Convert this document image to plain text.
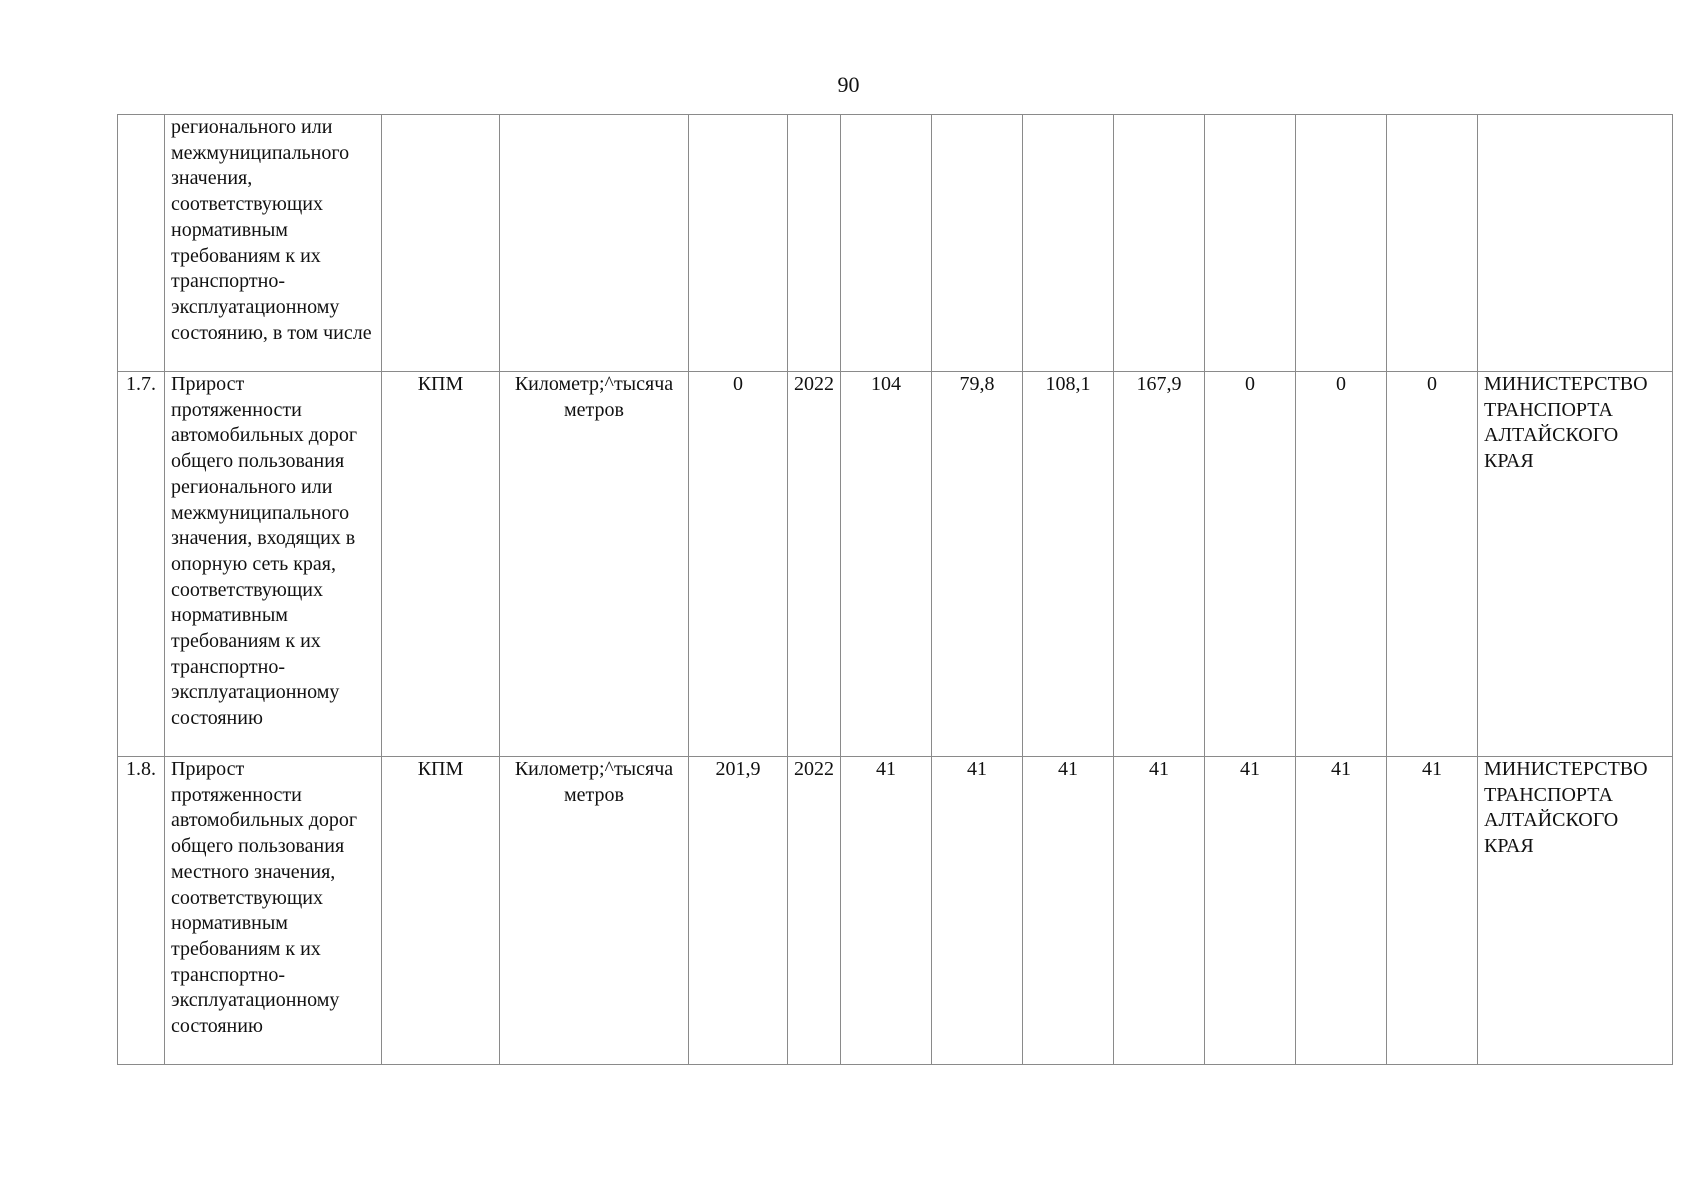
90
	регионального или межмуниципального значения, соответствующих нормативным требованиям к их транспортно-эксплуатационному состоянию, в том числе												
1.7.	Прирост протяженности автомобильных дорог общего пользования регионального или межмуниципального значения, входящих в опорную сеть края, соответствующих нормативным требованиям к их транспортно-эксплуатационному состоянию	КПМ	Километр;^тысяча метров	0	2022	104	79,8	108,1	167,9	0	0	0	МИНИСТЕРСТВО ТРАНСПОРТА АЛТАЙСКОГО КРАЯ
1.8.	Прирост протяженности автомобильных дорог общего пользования местного значения, соответствующих нормативным требованиям к их транспортно-эксплуатационному состоянию	КПМ	Километр;^тысяча метров	201,9	2022	41	41	41	41	41	41	41	МИНИСТЕРСТВО ТРАНСПОРТА АЛТАЙСКОГО КРАЯ
